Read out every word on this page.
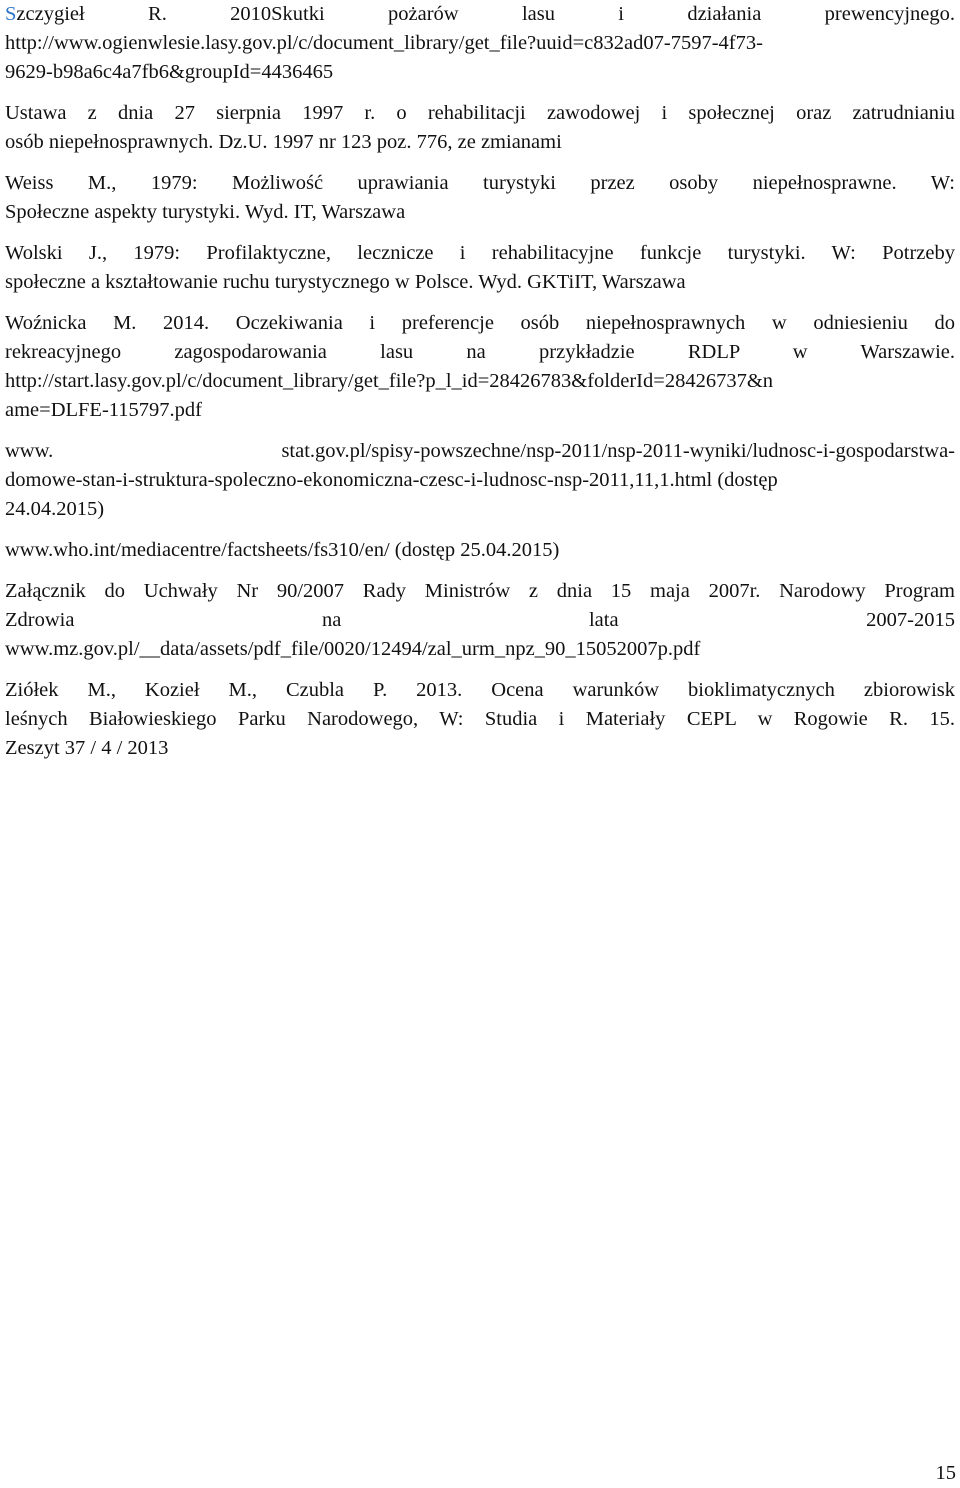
Szczygieł R. 2010Skutki pożarów lasu i działania prewencyjnego.
http://www.ogienwlesie.lasy.gov.pl/c/document_library/get_file?uuid=c832ad07-7597-4f73-
9629-b98a6c4a7fb6&groupId=4436465
Ustawa z dnia 27 sierpnia 1997 r. o rehabilitacji zawodowej i społecznej oraz zatrudnianiu
osób niepełnosprawnych. Dz.U. 1997 nr 123 poz. 776, ze zmianami
Weiss M., 1979: Możliwość uprawiania turystyki przez osoby niepełnosprawne. W:
Społeczne aspekty turystyki. Wyd. IT, Warszawa
Wolski J., 1979: Profilaktyczne, lecznicze i rehabilitacyjne funkcje turystyki. W: Potrzeby
społeczne a kształtowanie ruchu turystycznego w Polsce. Wyd. GKTiIT, Warszawa
Woźnicka M. 2014. Oczekiwania i preferencje osób niepełnosprawnych w odniesieniu do
rekreacyjnego zagospodarowania lasu na przykładzie RDLP w Warszawie.
http://start.lasy.gov.pl/c/document_library/get_file?p_l_id=28426783&folderId=28426737&n
ame=DLFE-115797.pdf
www. stat.gov.pl/spisy-powszechne/nsp-2011/nsp-2011-wyniki/ludnosc-i-gospodarstwa-
domowe-stan-i-struktura-spoleczno-ekonomiczna-czesc-i-ludnosc-nsp-2011,11,1.html (dostęp
24.04.2015)
www.who.int/mediacentre/factsheets/fs310/en/ (dostęp 25.04.2015)
Załącznik do Uchwały Nr 90/2007 Rady Ministrów z dnia 15 maja 2007r. Narodowy Program
Zdrowia na lata 2007-2015
www.mz.gov.pl/__data/assets/pdf_file/0020/12494/zal_urm_npz_90_15052007p.pdf
Ziółek M., Kozieł M., Czubla P. 2013. Ocena warunków bioklimatycznych zbiorowisk
leśnych Białowieskiego Parku Narodowego, W: Studia i Materiały CEPL w Rogowie R. 15.
Zeszyt 37 / 4 / 2013
15
